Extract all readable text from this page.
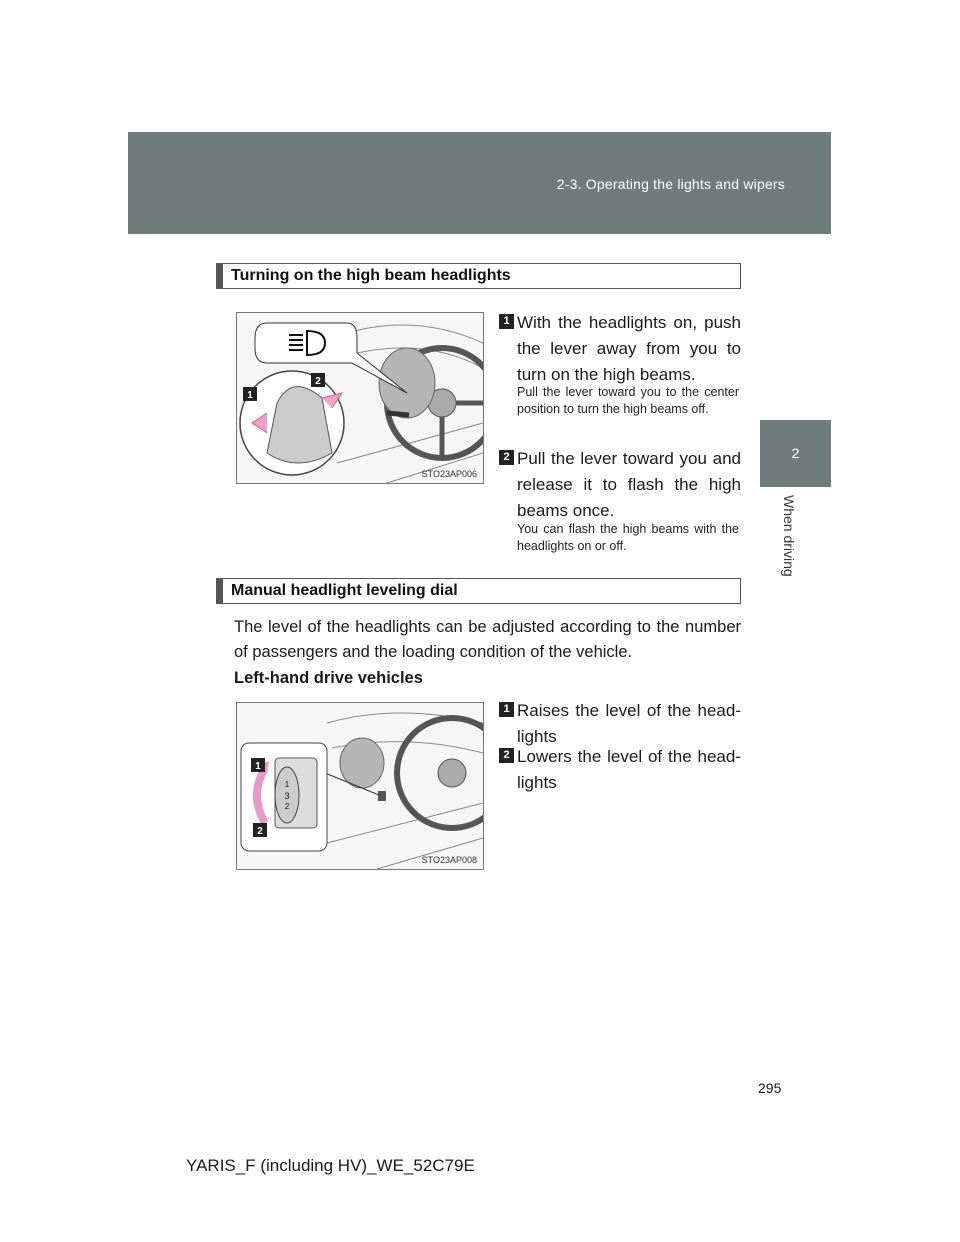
2-3. Operating the lights and wipers
2
When driving
Turning on the high beam headlights
1
2
STO23AP006
1 With the headlights on, push the lever away from you to turn on the high beams.
Pull the lever toward you to the center position to turn the high beams off.
2 Pull the lever toward you and release it to flash the high beams once.
You can flash the high beams with the headlights on or off.
Manual headlight leveling dial
The level of the headlights can be adjusted according to the number of passengers and the loading condition of the vehicle.
Left-hand drive vehicles
1
3
2
1
2
STO23AP008
1 Raises the level of the head-lights
2 Lowers the level of the head-lights
295
YARIS_F (including HV)_WE_52C79E
